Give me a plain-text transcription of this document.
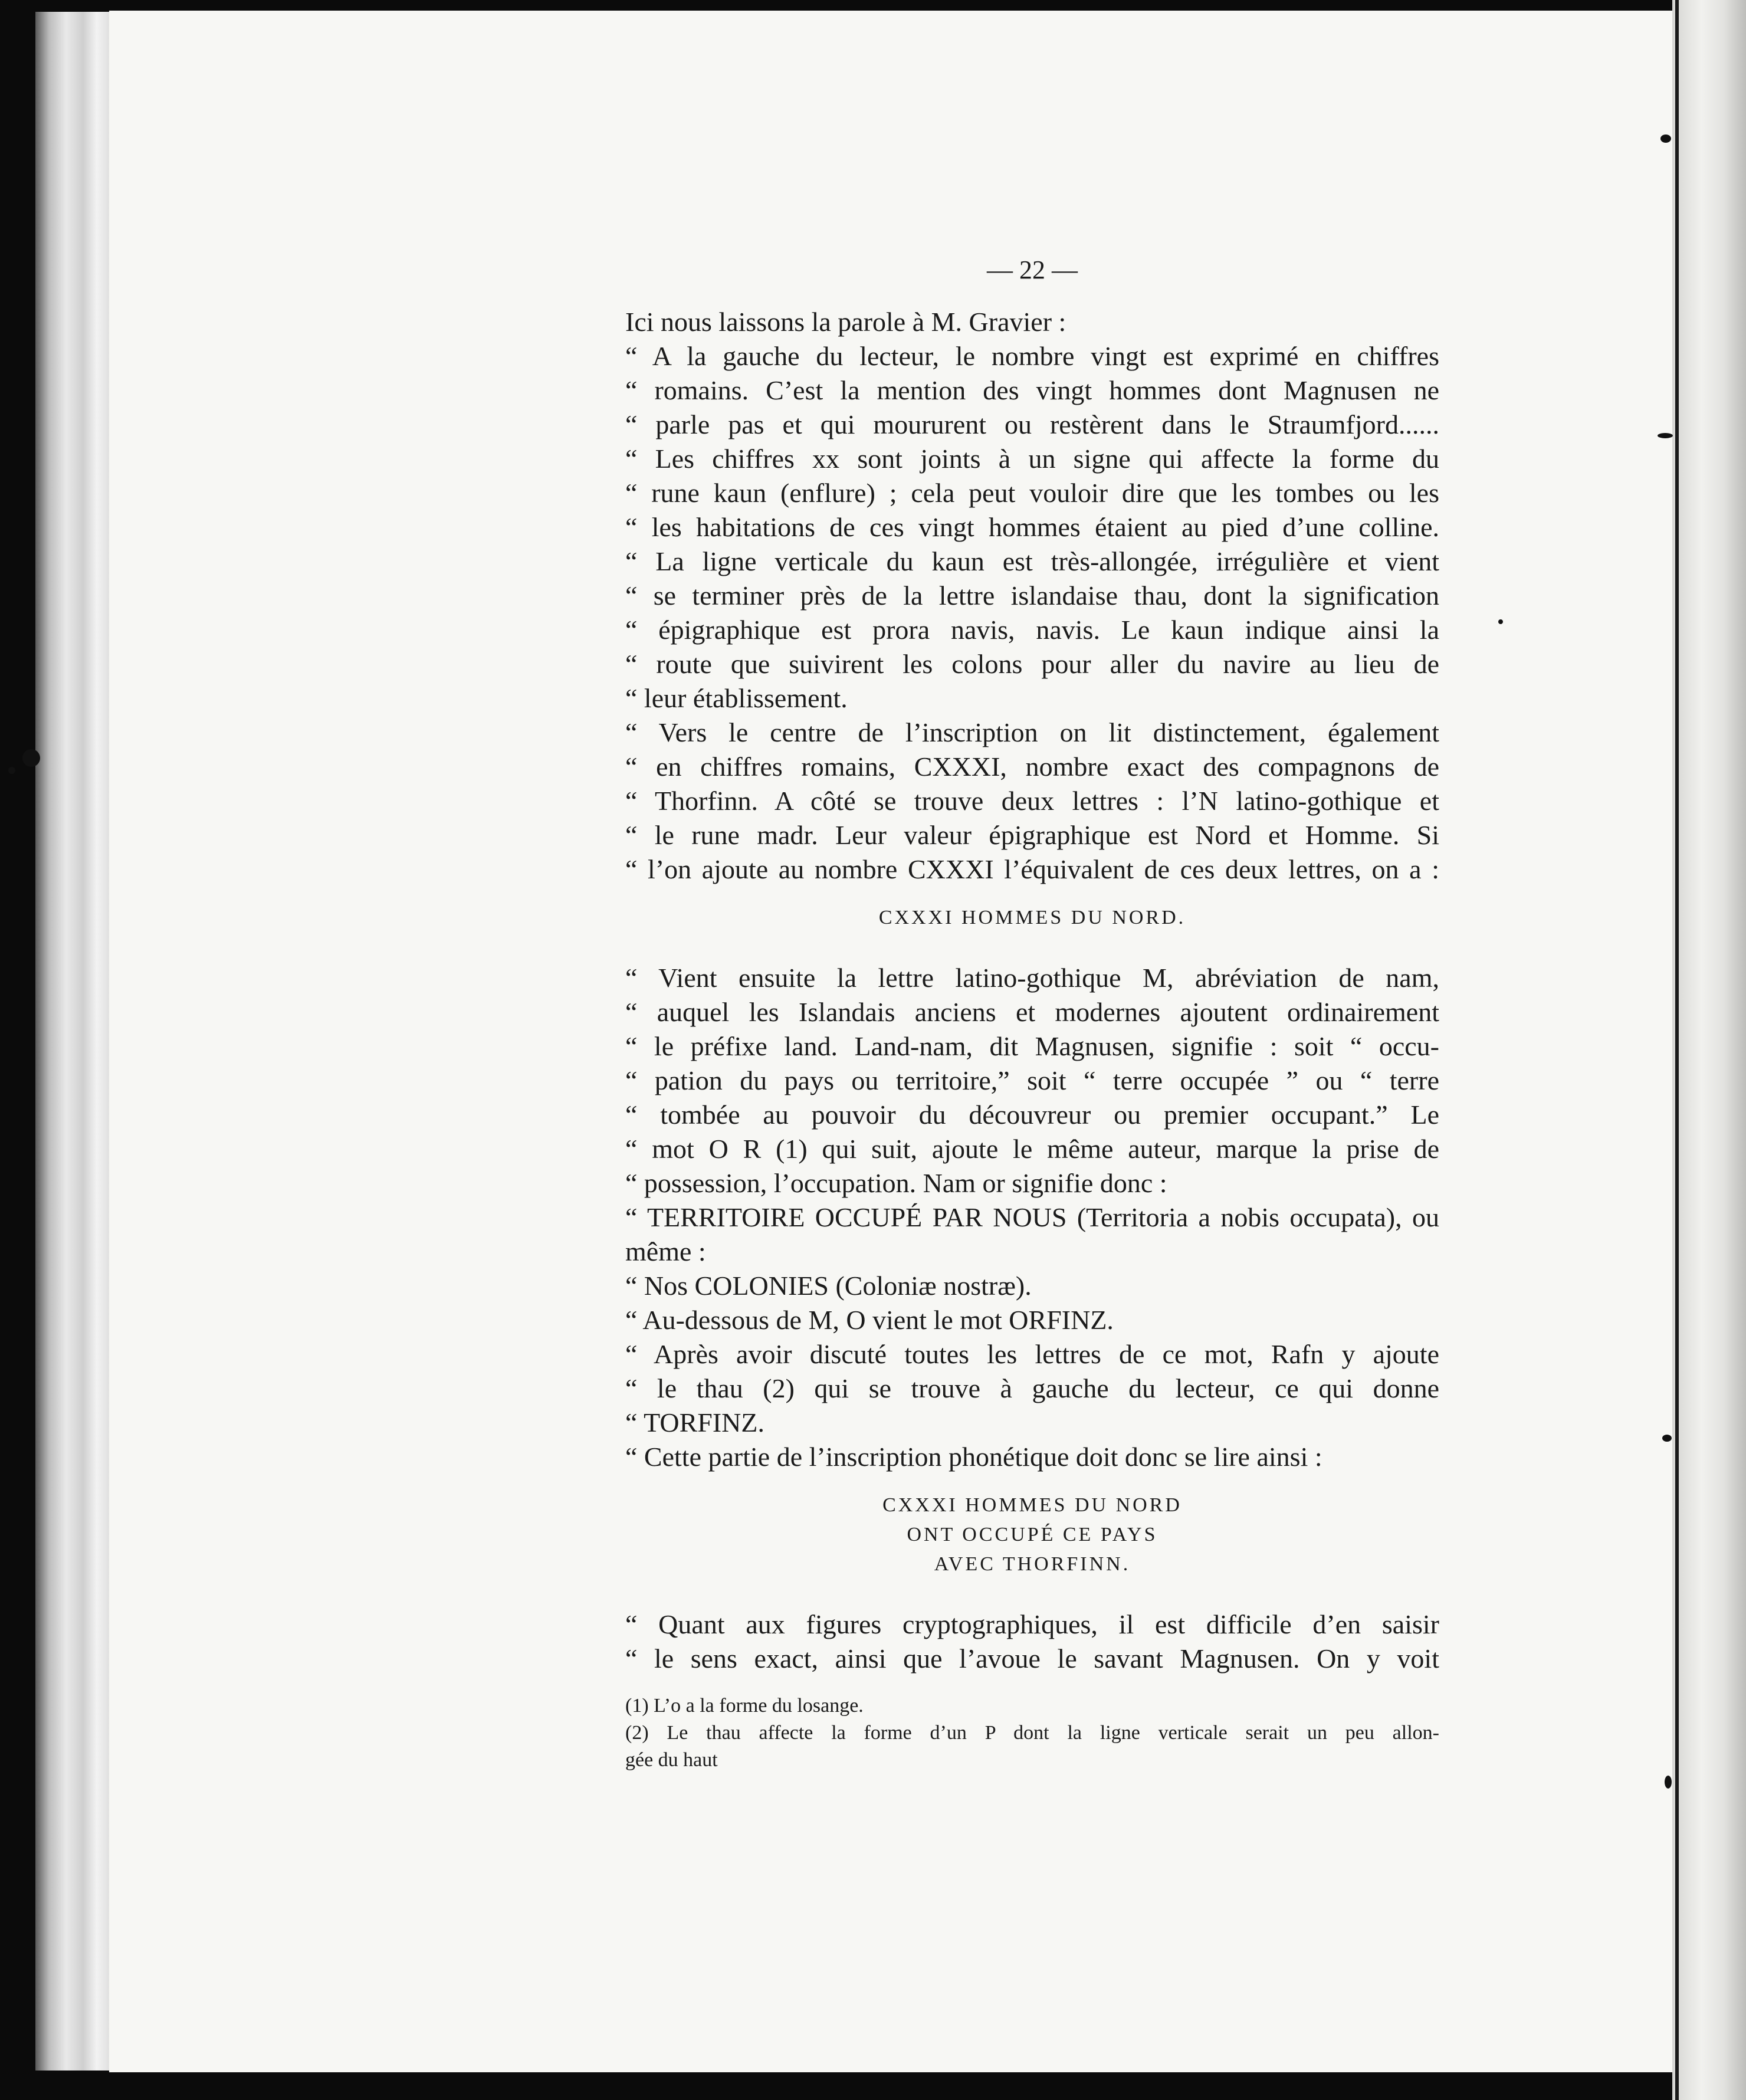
— 22 —
Ici nous laissons la parole à M. Gravier :
“ A la gauche du lecteur, le nombre vingt est exprimé en chiffres
“ romains. C’est la mention des vingt hommes dont Magnusen ne
“ parle pas et qui moururent ou restèrent dans le Straumfjord......
“ Les chiffres xx sont joints à un signe qui affecte la forme du
“ rune kaun (enflure) ; cela peut vouloir dire que les tombes ou les
“ les habitations de ces vingt hommes étaient au pied d’une colline.
“ La ligne verticale du kaun est très-allongée, irrégulière et vient
“ se terminer près de la lettre islandaise thau, dont la signification
“ épigraphique est prora navis, navis. Le kaun indique ainsi la
“ route que suivirent les colons pour aller du navire au lieu de
“ leur établissement.
“ Vers le centre de l’inscription on lit distinctement, également
“ en chiffres romains, CXXXI, nombre exact des compagnons de
“ Thorfinn. A côté se trouve deux lettres : l’N latino-gothique et
“ le rune madr. Leur valeur épigraphique est Nord et Homme. Si
“ l’on ajoute au nombre CXXXI l’équivalent de ces deux lettres, on a :
CXXXI HOMMES DU NORD.
“ Vient ensuite la lettre latino-gothique M, abréviation de nam,
“ auquel les Islandais anciens et modernes ajoutent ordinairement
“ le préfixe land. Land-nam, dit Magnusen, signifie : soit “ occu-
“ pation du pays ou territoire,” soit “ terre occupée ” ou “ terre
“ tombée au pouvoir du découvreur ou premier occupant.” Le
“ mot O R (1) qui suit, ajoute le même auteur, marque la prise de
“ possession, l’occupation. Nam or signifie donc :
“ TERRITOIRE OCCUPÉ PAR NOUS (Territoria a nobis occupata), ou
même :
“ Nos COLONIES (Coloniæ nostræ).
“ Au-dessous de M, O vient le mot ORFINZ.
“ Après avoir discuté toutes les lettres de ce mot, Rafn y ajoute
“ le thau (2) qui se trouve à gauche du lecteur, ce qui donne
“ TORFINZ.
“ Cette partie de l’inscription phonétique doit donc se lire ainsi :
CXXXI HOMMES DU NORD
ONT OCCUPÉ CE PAYS
AVEC THORFINN.
“ Quant aux figures cryptographiques, il est difficile d’en saisir
“ le sens exact, ainsi que l’avoue le savant Magnusen. On y voit
(1) L’o a la forme du losange.
(2) Le thau affecte la forme d’un P dont la ligne verticale serait un peu allon-
gée du haut
